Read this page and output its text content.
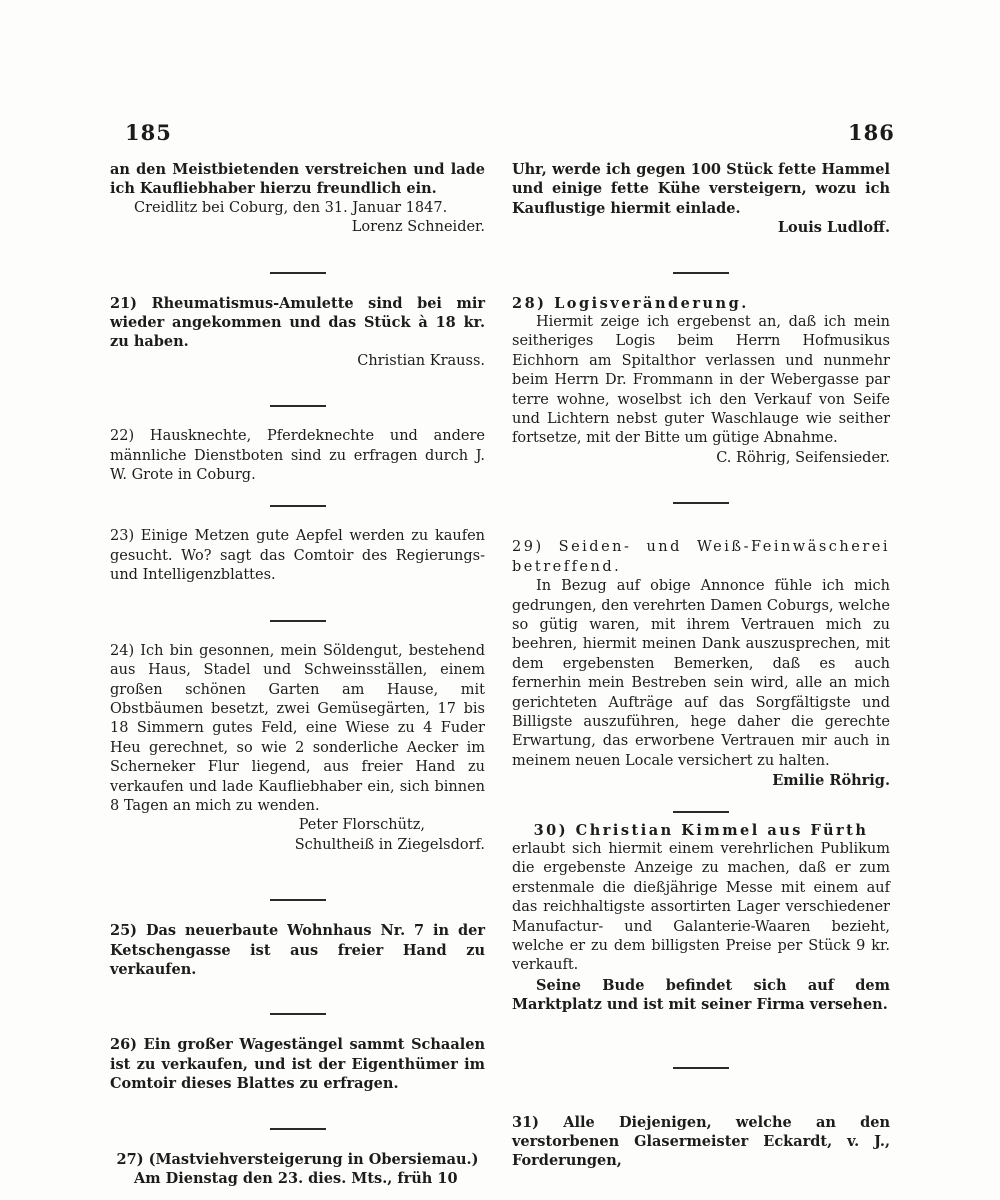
185	186

an den Meistbietenden verstreichen und lade ich Kaufliebhaber hierzu freundlich ein.

Creidlitz bei Coburg, den 31. Januar 1847.

Lorenz Schneider.

21) Rheumatismus-Amulette sind bei mir wieder angekommen und das Stück à 18 kr. zu haben.

Christian Krauss.

22) Hausknechte, Pferdeknechte und andere männliche Dienstboten sind zu erfragen durch J. W. Grote in Coburg.

23) Einige Metzen gute Aepfel werden zu kaufen gesucht. Wo? sagt das Comtoir des Regierungs- und Intelligenzblattes.

24) Ich bin gesonnen, mein Söldengut, bestehend aus Haus, Stadel und Schweinsställen, einem großen schönen Garten am Hause, mit Obstbäumen besetzt, zwei Gemüsegärten, 17 bis 18 Simmern gutes Feld, eine Wiese zu 4 Fuder Heu gerechnet, so wie 2 sonderliche Aecker im Scherneker Flur liegend, aus freier Hand zu verkaufen und lade Kaufliebhaber ein, sich binnen 8 Tagen an mich zu wenden.

Peter Florschütz,

Schultheiß in Ziegelsdorf.

25) Das neuerbaute Wohnhaus Nr. 7 in der Ketschengasse ist aus freier Hand zu verkaufen.

26) Ein großer Wagestängel sammt Schaalen ist zu verkaufen, und ist der Eigenthümer im Comtoir dieses Blattes zu erfragen.

27) (Mastviehversteigerung in Obersiemau.)

Am Dienstag den 23. dies. Mts., früh 10

Uhr, werde ich gegen 100 Stück fette Hammel und einige fette Kühe versteigern, wozu ich Kauflustige hiermit einlade.

Louis Ludloff.

28) Logisveränderung.

Hiermit zeige ich ergebenst an, daß ich mein seitheriges Logis beim Herrn Hofmusikus Eichhorn am Spitalthor verlassen und nunmehr beim Herrn Dr. Frommann in der Webergasse par terre wohne, woselbst ich den Verkauf von Seife und Lichtern nebst guter Waschlauge wie seither fortsetze, mit der Bitte um gütige Abnahme.

C. Röhrig, Seifensieder.

29) Seiden- und Weiß-Feinwäscherei betreffend.

In Bezug auf obige Annonce fühle ich mich gedrungen, den verehrten Damen Coburgs, welche so gütig waren, mit ihrem Vertrauen mich zu beehren, hiermit meinen Dank auszusprechen, mit dem ergebensten Bemerken, daß es auch fernerhin mein Bestreben sein wird, alle an mich gerichteten Aufträge auf das Sorgfältigste und Billigste auszuführen, hege daher die gerechte Erwartung, das erworbene Vertrauen mir auch in meinem neuen Locale versichert zu halten.

Emilie Röhrig.

30) Christian Kimmel aus Fürth

erlaubt sich hiermit einem verehrlichen Publikum die ergebenste Anzeige zu machen, daß er zum erstenmale die dießjährige Messe mit einem auf das reichhaltigste assortirten Lager verschiedener Manufactur- und Galanterie-Waaren bezieht, welche er zu dem billigsten Preise per Stück 9 kr. verkauft.

Seine Bude befindet sich auf dem Marktplatz und ist mit seiner Firma versehen.

31) Alle Diejenigen, welche an den verstorbenen Glasermeister Eckardt, v. J., Forderungen,
